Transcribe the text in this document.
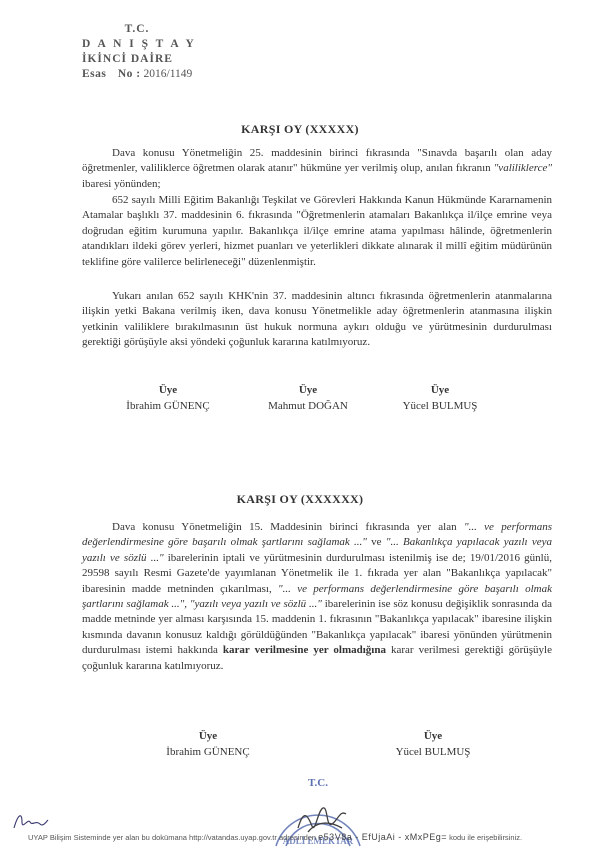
T.C.
D A N I Ş T A Y
İKİNCİ DAİRE
Esas No : 2016/1149
KARŞI OY (XXXXX)

Dava konusu Yönetmeliğin 25. maddesinin birinci fıkrasında "Sınavda başarılı olan aday öğretmenler, valiliklerce öğretmen olarak atanır" hükmüne yer verilmiş olup, anılan fıkranın "valiliklerce" ibaresi yönünden;

652 sayılı Milli Eğitim Bakanlığı Teşkilat ve Görevleri Hakkında Kanun Hükmünde Kararnamenin Atamalar başlıklı 37. maddesinin 6. fıkrasında "Öğretmenlerin atamaları Bakanlıkça il/ilçe emrine veya doğrudan eğitim kurumuna yapılır. Bakanlıkça il/ilçe emrine atama yapılması hâlinde, öğretmenlerin atandıkları ildeki görev yerleri, hizmet puanları ve yeterlikleri dikkate alınarak il millî eğitim müdürünün teklifine göre valilerce belirleneceği" düzenlenmiştir.

Yukarı anılan 652 sayılı KHK'nin 37. maddesinin altıncı fıkrasında öğretmenlerin atanmalarına ilişkin yetki Bakana verilmiş iken, dava konusu Yönetmelikle aday öğretmenlerin atanmasına ilişkin yetkinin valiliklere bırakılmasının üst hukuk normuna aykırı olduğu ve yürütmesinin durdurulması gerektiği görüşüyle aksi yöndeki çoğunluk kararına katılmıyoruz.

Üye
İbrahim GÜNENÇ
Üye
Mahmut DOĞAN
Üye
Yücel BULMUŞ
KARŞI OY (XXXXXX)

Dava konusu Yönetmeliğin 15. Maddesinin birinci fıkrasında yer alan "... ve performans değerlendirmesine göre başarılı olmak şartlarını sağlamak ..." ve "... Bakanlıkça yapılacak yazılı veya yazılı ve sözlü ..." ibarelerinin iptali ve yürütmesinin durdurulması istenilmiş ise de; 19/01/2016 günlü, 29598 sayılı Resmi Gazete'de yayımlanan Yönetmelik ile 1. fıkrada yer alan "Bakanlıkça yapılacak" ibaresinin madde metninden çıkarılması, "... ve performans değerlendirmesine göre başarılı olmak şartlarını sağlamak ...", "yazılı veya yazılı ve sözlü ..." ibarelerinin ise söz konusu değişiklik sonrasında da madde metninde yer alması karşısında 15. maddenin 1. fıkrasının "Bakanlıkça yapılacak" ibaresine ilişkin kısmında davanın konusuz kaldığı görüldüğünden "Bakanlıkça yapılacak" ibaresi yönünden yürütmenin durdurulması istemi hakkında karar verilmesine yer olmadığına karar verilmesi gerektiği görüşüyle çoğunluk kararına katılmıyoruz.

Üye
İbrahim GÜNENÇ
Üye
Yücel BULMUŞ
T.C.
ADLİ EMEKTAR
UYAP Bilişim Sisteminde yer alan bu dokümana http://vatandas.uyap.gov.tr adresinden e53V8a - EfUjaAi - xMxPEg= kodu ile erişebilirsiniz.
